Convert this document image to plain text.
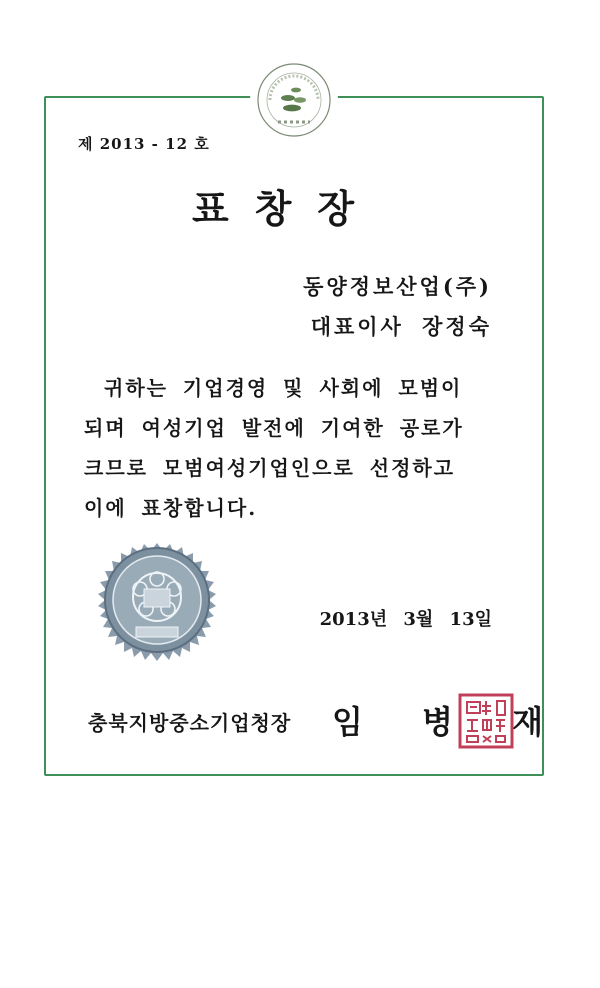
제 2013 - 12 호
표창장
동양정보산업(주)
대표이사 장정숙
귀하는 기업경영 및 사회에 모범이
되며 여성기업 발전에 기여한 공로가
크므로 모범여성기업인으로 선정하고
이에 표창합니다.
2013년 3월 13일
충북지방중소기업청장 임 병 재
